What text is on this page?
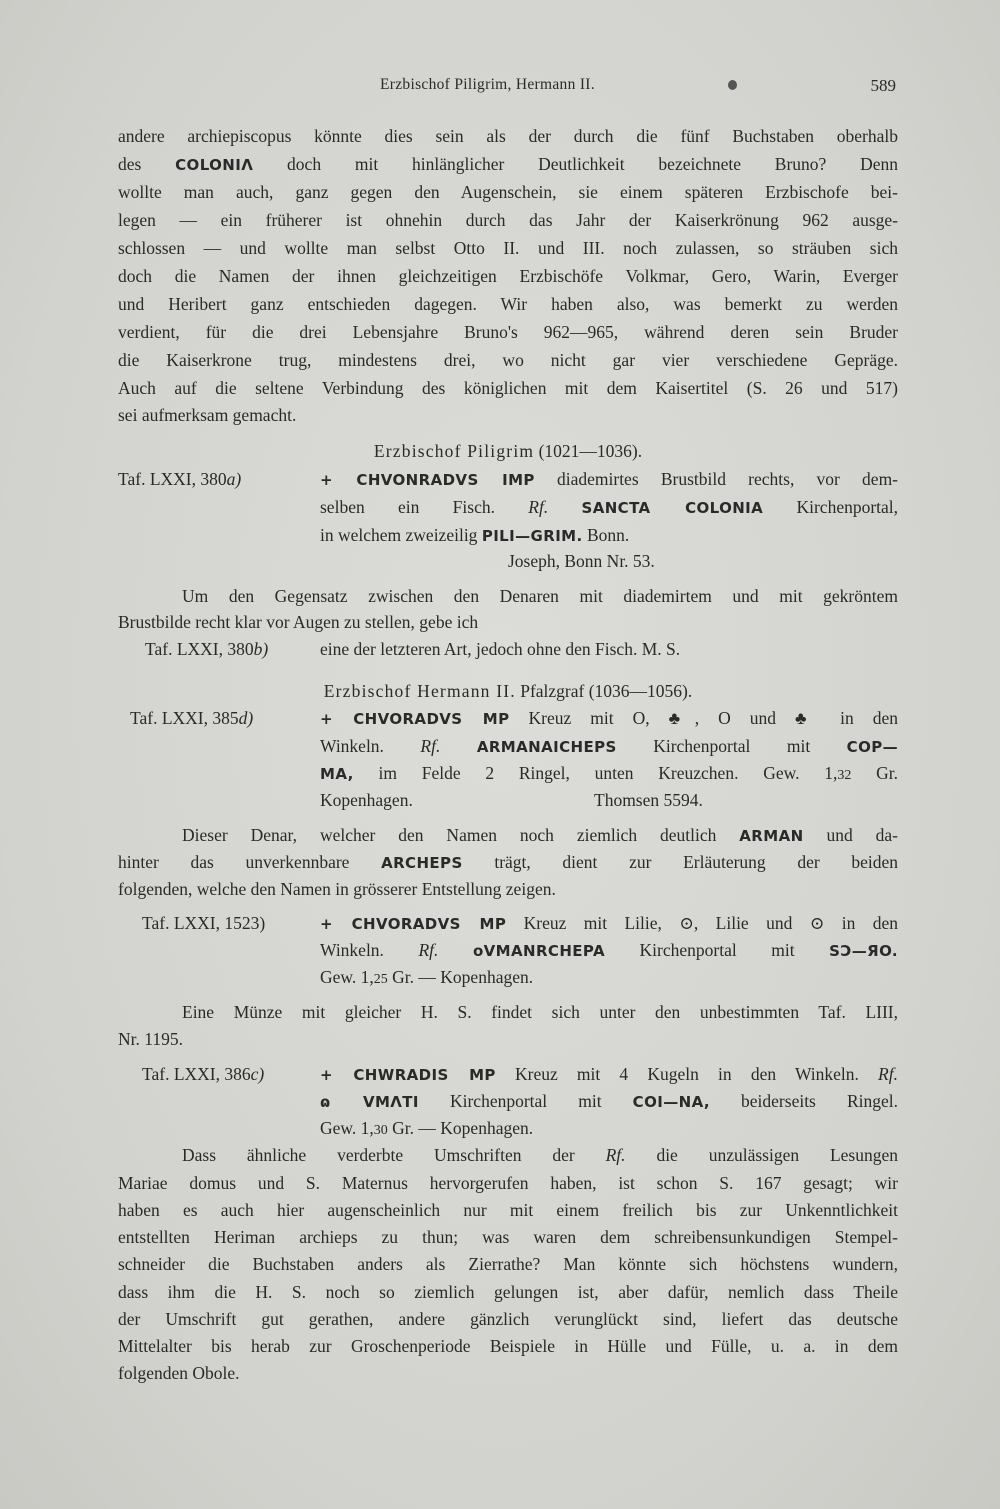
Erzbischof Piligrim, Hermann II.	589
andere archiepiscopus könnte dies sein als der durch die fünf Buchstaben oberhalb
des COLONIΛ doch mit hinlänglicher Deutlichkeit bezeichnete Bruno? Denn
wollte man auch, ganz gegen den Augenschein, sie einem späteren Erzbischofe bei-
legen — ein früherer ist ohnehin durch das Jahr der Kaiserkrönung 962 ausge-
schlossen — und wollte man selbst Otto II. und III. noch zulassen, so sträuben sich
doch die Namen der ihnen gleichzeitigen Erzbischöfe Volkmar, Gero, Warin, Everger
und Heribert ganz entschieden dagegen. Wir haben also, was bemerkt zu werden
verdient, für die drei Lebensjahre Bruno's 962—965, während deren sein Bruder
die Kaiserkrone trug, mindestens drei, wo nicht gar vier verschiedene Gepräge.
Auch auf die seltene Verbindung des königlichen mit dem Kaisertitel (S. 26 und 517)
sei aufmerksam gemacht.
Erzbischof Piligrim (1021—1036).
Taf. LXXI, 380a)	+ CHVONRADVS IMP diademirtes Brustbild rechts, vor dem-
selben ein Fisch. Rf. SANCTA COLONIA Kirchenportal,
in welchem zweizeilig PILI—GRIM. Bonn.
Joseph, Bonn Nr. 53.
Um den Gegensatz zwischen den Denaren mit diademirtem und mit gekröntem
Brustbilde recht klar vor Augen zu stellen, gebe ich
Taf. LXXI, 380b)	eine der letzteren Art, jedoch ohne den Fisch. M. S.
Erzbischof Hermann II. Pfalzgraf (1036—1056).
Taf. LXXI, 385d)	+ CHVORADVS MP Kreuz mit O, ♣, O und ♣ in den
Winkeln. Rf. ARMANAICHEPS Kirchenportal mit COP—
MA, im Felde 2 Ringel, unten Kreuzchen. Gew. 1,32 Gr.
Kopenhagen.	Thomsen 5594.
Dieser Denar, welcher den Namen noch ziemlich deutlich ARMAN und da-
hinter das unverkennbare ARCHEPS trägt, dient zur Erläuterung der beiden
folgenden, welche den Namen in grösserer Entstellung zeigen.
Taf. LXXI, 1523)	+ CHVORADVS MP Kreuz mit Lilie, ⊙, Lilie und ⊙ in den
Winkeln. Rf. oVMANRCHEPA Kirchenportal mit SƆ—ЯO.
Gew. 1,25 Gr. — Kopenhagen.
Eine Münze mit gleicher H. S. findet sich unter den unbestimmten Taf. LIII,
Nr. 1195.
Taf. LXXI, 386c)	+ CHWRADIS MP Kreuz mit 4 Kugeln in den Winkeln. Rf.
ɷ VMΛTI Kirchenportal mit COI—NA, beiderseits Ringel.
Gew. 1,30 Gr. — Kopenhagen.
Dass ähnliche verderbte Umschriften der Rf. die unzulässigen Lesungen
Mariae domus und S. Maternus hervorgerufen haben, ist schon S. 167 gesagt; wir
haben es auch hier augenscheinlich nur mit einem freilich bis zur Unkenntlichkeit
entstellten Heriman archieps zu thun; was waren dem schreibensunkundigen Stempel-
schneider die Buchstaben anders als Zierrathe? Man könnte sich höchstens wundern,
dass ihm die H. S. noch so ziemlich gelungen ist, aber dafür, nemlich dass Theile
der Umschrift gut gerathen, andere gänzlich verunglückt sind, liefert das deutsche
Mittelalter bis herab zur Groschenperiode Beispiele in Hülle und Fülle, u. a. in dem
folgenden Obole.
